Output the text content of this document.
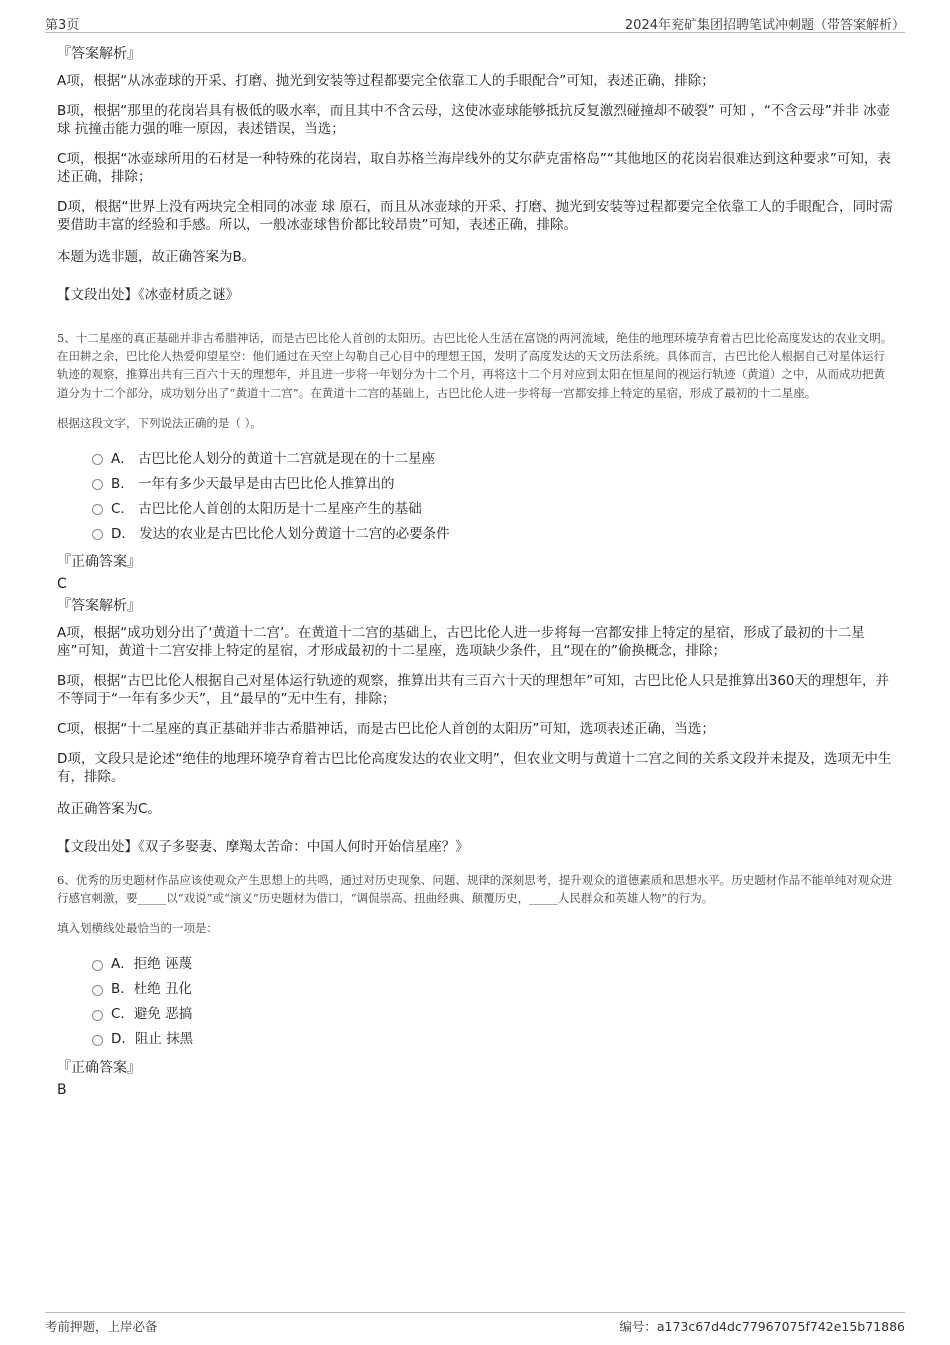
第3页	2024年兖矿集团招聘笔试冲刺题（带答案解析）

『答案解析』

A项，根据“从冰壶球的开采、打磨、抛光到安装等过程都要完全依靠工人的手眼配合”可知，表述正确，排除；

B项，根据“那里的花岗岩具有极低的吸水率，而且其中不含云母，这使冰壶球能够抵抗反复激烈碰撞却不破裂” 可知 ，“不含云母”并非 冰壶球 抗撞击能力强的唯一原因，表述错误，当选；

C项，根据“冰壶球所用的石材是一种特殊的花岗岩，取自苏格兰海岸线外的艾尔萨克雷格岛”“其他地区的花岗岩很难达到这种要求”可知，表述正确，排除；

D项，根据“世界上没有两块完全相同的冰壶 球 原石，而且从冰壶球的开采、打磨、抛光到安装等过程都要完全依靠工人的手眼配合，同时需要借助丰富的经验和手感。所以，一般冰壶球售价都比较昂贵”可知，表述正确，排除。

本题为选非题，故正确答案为B。

【文段出处】《冰壶材质之谜》

5、十二星座的真正基础并非古希腊神话，而是古巴比伦人首创的太阳历。古巴比伦人生活在富饶的两河流域，绝佳的地理环境孕育着古巴比伦高度发达的农业文明。在田耕之余，巴比伦人热爱仰望星空：他们通过在天空上勾勒自己心目中的理想王国，发明了高度发达的天文历法系统。具体而言，古巴比伦人根据自己对星体运行轨迹的观察，推算出共有三百六十天的理想年，并且进一步将一年划分为十二个月，再将这十二个月对应到太阳在恒星间的视运行轨迹（黄道）之中，从而成功把黄道分为十二个部分，成功划分出了“黄道十二宫”。在黄道十二宫的基础上，古巴比伦人进一步将每一宫都安排上特定的星宿，形成了最初的十二星座。

根据这段文字，下列说法正确的是（ ）。

A． 古巴比伦人划分的黄道十二宫就是现在的十二星座
B． 一年有多少天最早是由古巴比伦人推算出的
C． 古巴比伦人首创的太阳历是十二星座产生的基础
D． 发达的农业是古巴比伦人划分黄道十二宫的必要条件

『正确答案』

C

『答案解析』

A项，根据“成功划分出了‘黄道十二宫’。在黄道十二宫的基础上，古巴比伦人进一步将每一宫都安排上特定的星宿，形成了最初的十二星座”可知，黄道十二宫安排上特定的星宿，才形成最初的十二星座，选项缺少条件，且“现在的”偷换概念，排除；

B项，根据“古巴比伦人根据自己对星体运行轨迹的观察，推算出共有三百六十天的理想年”可知，古巴比伦人只是推算出360天的理想年，并不等同于“一年有多少天”，且“最早的”无中生有，排除；

C项，根据“十二星座的真正基础并非古希腊神话，而是古巴比伦人首创的太阳历”可知，选项表述正确，当选；

D项，文段只是论述“绝佳的地理环境孕育着古巴比伦高度发达的农业文明”，但农业文明与黄道十二宫之间的关系文段并未提及，选项无中生有，排除。

故正确答案为C。

【文段出处】《双子多娶妻、摩羯太苦命：中国人何时开始信星座？》

6、优秀的历史题材作品应该使观众产生思想上的共鸣，通过对历史现象、问题、规律的深刻思考，提升观众的道德素质和思想水平。历史题材作品不能单纯对观众进行感官刺激，要_____以“戏说”或“演义”历史题材为借口，“调侃崇高、扭曲经典、颠覆历史，_____人民群众和英雄人物”的行为。

填入划横线处最恰当的一项是：

A．拒绝 诬蔑
B．杜绝 丑化
C．避免 恶搞
D．阻止 抹黑

『正确答案』

B

考前押题，上岸必备	编号：a173c67d4dc77967075f742e15b71886
